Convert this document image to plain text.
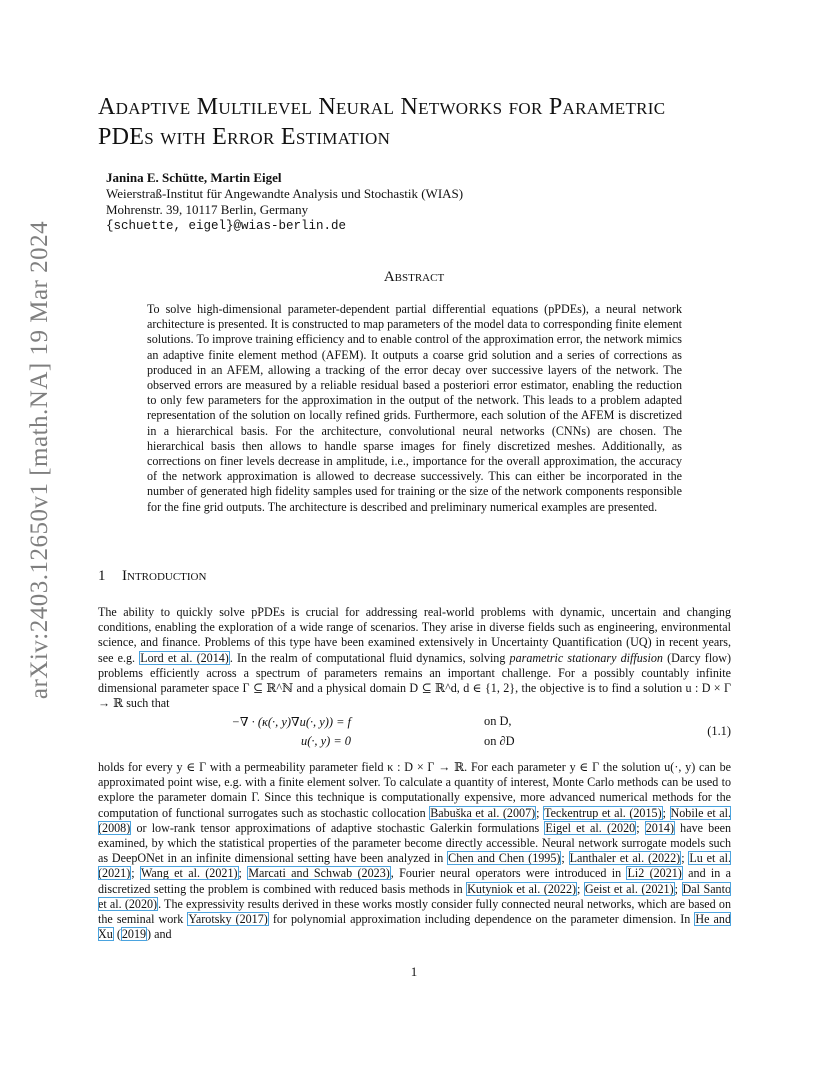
arXiv:2403.12650v1 [math.NA] 19 Mar 2024
Adaptive Multilevel Neural Networks for Parametric
PDEs with Error Estimation
Janina E. Schütte, Martin Eigel
Weierstraß-Institut für Angewandte Analysis und Stochastik (WIAS)
Mohrenstr. 39, 10117 Berlin, Germany
{schuette, eigel}@wias-berlin.de
Abstract
To solve high-dimensional parameter-dependent partial differential equations (pPDEs), a neural network architecture is presented. It is constructed to map parameters of the model data to corresponding finite element solutions. To improve training efficiency and to enable control of the approximation error, the network mimics an adaptive finite element method (AFEM). It outputs a coarse grid solution and a series of corrections as produced in an AFEM, allowing a tracking of the error decay over successive layers of the network. The observed errors are measured by a reliable residual based a posteriori error estimator, enabling the reduction to only few parameters for the approximation in the output of the network. This leads to a problem adapted representation of the solution on locally refined grids. Furthermore, each solution of the AFEM is discretized in a hierarchical basis. For the architecture, convolutional neural networks (CNNs) are chosen. The hierarchical basis then allows to handle sparse images for finely discretized meshes. Additionally, as corrections on finer levels decrease in amplitude, i.e., importance for the overall approximation, the accuracy of the network approximation is allowed to decrease successively. This can either be incorporated in the number of generated high fidelity samples used for training or the size of the network components responsible for the fine grid outputs. The architecture is described and preliminary numerical examples are presented.
1 Introduction
The ability to quickly solve pPDEs is crucial for addressing real-world problems with dynamic, uncertain and changing conditions, enabling the exploration of a wide range of scenarios. They arise in diverse fields such as engineering, environmental science, and finance. Problems of this type have been examined extensively in Uncertainty Quantification (UQ) in recent years, see e.g. Lord et al. (2014). In the realm of computational fluid dynamics, solving parametric stationary diffusion (Darcy flow) problems efficiently across a spectrum of parameters remains an important challenge. For a possibly countably infinite dimensional parameter space Γ ⊆ ℝ^ℕ and a physical domain D ⊆ ℝ^d, d ∈ {1, 2}, the objective is to find a solution u : D × Γ → ℝ such that
−∇ · (κ(·, y)∇u(·, y)) = f	on D,
u(·, y) = 0	on ∂D
(1.1)
holds for every y ∈ Γ with a permeability parameter field κ : D × Γ → ℝ. For each parameter y ∈ Γ the solution u(·, y) can be approximated point wise, e.g. with a finite element solver. To calculate a quantity of interest, Monte Carlo methods can be used to explore the parameter domain Γ. Since this technique is computationally expensive, more advanced numerical methods for the computation of functional surrogates such as stochastic collocation Babuška et al. (2007); Teckentrup et al. (2015); Nobile et al. (2008) or low-rank tensor approximations of adaptive stochastic Galerkin formulations Eigel et al. (2020; 2014) have been examined, by which the statistical properties of the parameter become directly accessible. Neural network surrogate models such as DeepONet in an infinite dimensional setting have been analyzed in Chen and Chen (1995); Lanthaler et al. (2022); Lu et al. (2021); Wang et al. (2021); Marcati and Schwab (2023), Fourier neural operators were introduced in Li2 (2021) and in a discretized setting the problem is combined with reduced basis methods in Kutyniok et al. (2022); Geist et al. (2021); Dal Santo et al. (2020). The expressivity results derived in these works mostly consider fully connected neural networks, which are based on the seminal work Yarotsky (2017) for polynomial approximation including dependence on the parameter dimension. In He and Xu (2019) and
1
